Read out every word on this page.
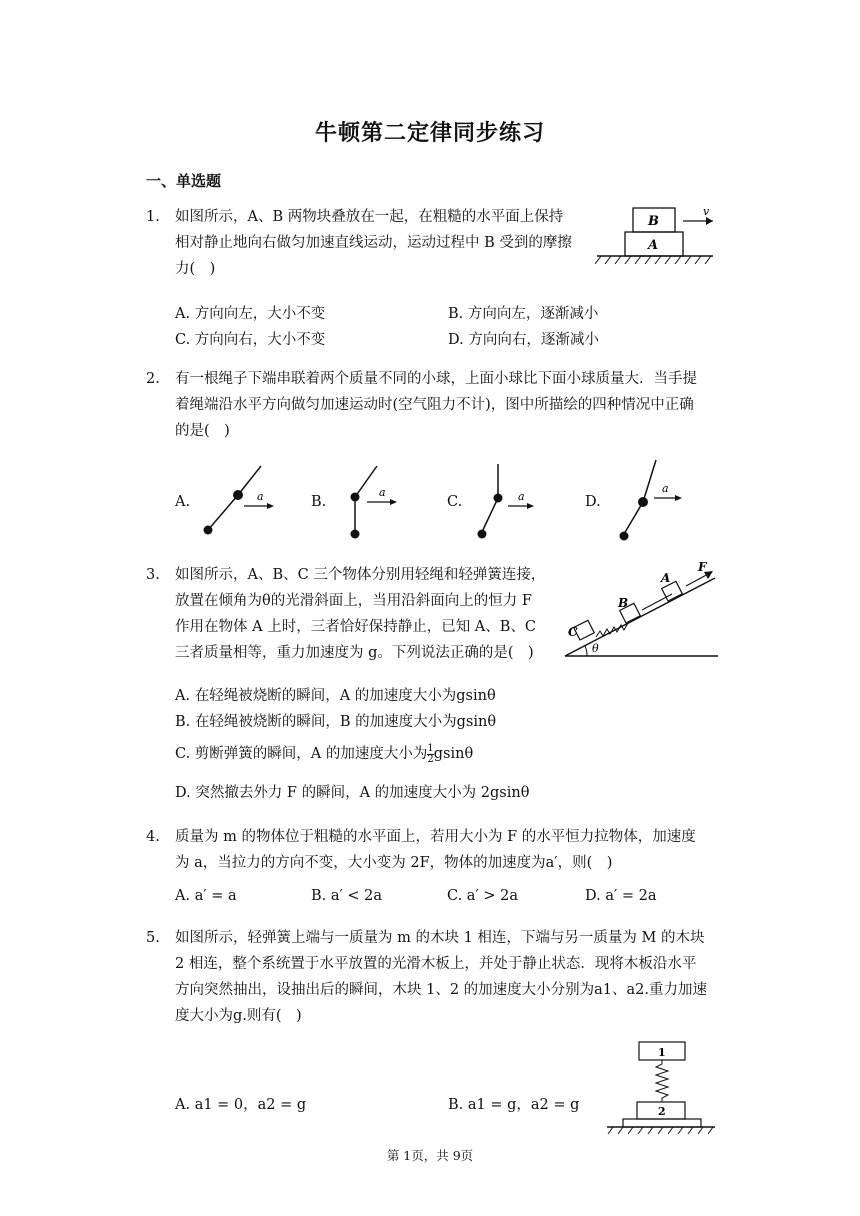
牛顿第二定律同步练习
一、单选题
1. 如图所示，A、B 两物块叠放在一起，在粗糙的水平面上保持
相对静止地向右做匀加速直线运动，运动过程中 B 受到的摩擦
力(　)
B
A
v
A. 方向向左，大小不变	B. 方向向左，逐渐减小
C. 方向向右，大小不变	D. 方向向右，逐渐减小
2. 有一根绳子下端串联着两个质量不同的小球，上面小球比下面小球质量大．当手提
着绳端沿水平方向做匀加速运动时(空气阻力不计)，图中所描绘的四种情况中正确
的是(　)
A.	B.	C.	D.
a	a	a
a
3. 如图所示，A、B、C 三个物体分别用轻绳和轻弹簧连接，
放置在倾角为θ的光滑斜面上，当用沿斜面向上的恒力 F
作用在物体 A 上时，三者恰好保持静止，已知 A、B、C
三者质量相等，重力加速度为 g。下列说法正确的是(　)
C
B
A
F
θ
A. 在轻绳被烧断的瞬间，A 的加速度大小为gsinθ
B. 在轻绳被烧断的瞬间，B 的加速度大小为gsinθ
C. 剪断弹簧的瞬间，A 的加速度大小为 $\frac{1}{2}$ gsinθ
D. 突然撤去外力 F 的瞬间，A 的加速度大小为 2gsinθ
4. 质量为 m 的物体位于粗糙的水平面上，若用大小为 F 的水平恒力拉物体，加速度
为 a，当拉力的方向不变，大小变为 2F，物体的加速度为a′，则(　)
A. a′ = a	B. a′ < 2a	C. a′ > 2a	D. a′ = 2a
5. 如图所示，轻弹簧上端与一质量为 m 的木块 1 相连，下端与另一质量为 M 的木块
2 相连，整个系统置于水平放置的光滑木板上，并处于静止状态．现将木板沿水平
方向突然抽出，设抽出后的瞬间，木块 1、2 的加速度大小分别为a1、a2.重力加速
度大小为g.则有(　)
A. a1 = 0，a2 = g	B. a1 = g，a2 = g
1
2
第 1页，共 9页
